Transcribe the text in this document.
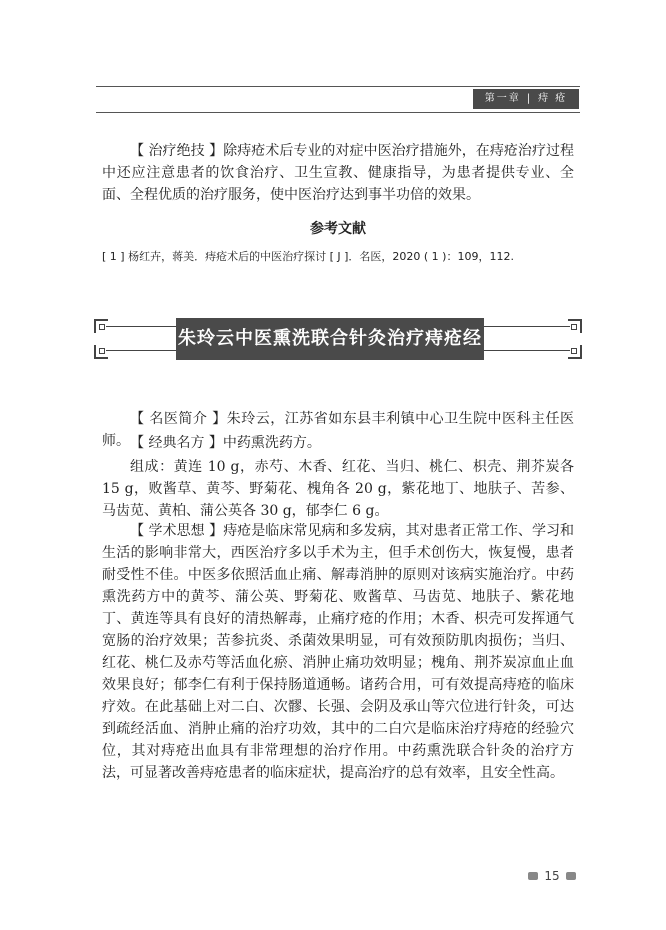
第一章 | 痔 疮

【 治疗绝技 】除痔疮术后专业的对症中医治疗措施外，在痔疮治疗过程中还应注意患者的饮食治疗、卫生宣教、健康指导，为患者提供专业、全面、全程优质的治疗服务，使中医治疗达到事半功倍的效果。

参考文献

[ 1 ] 杨红卉，蒋美．痔疮术后的中医治疗探讨 [ J ]．名医，2020 ( 1 )：109，112.

朱玲云中医熏洗联合针灸治疗痔疮经验

【 名医简介 】朱玲云，江苏省如东县丰利镇中心卫生院中医科主任医师。 【 经典名方 】中药熏洗药方。

组成：黄连 10 g，赤芍、木香、红花、当归、桃仁、枳壳、荆芥炭各 15 g，败酱草、黄芩、野菊花、槐角各 20 g，紫花地丁、地肤子、苦参、马齿苋、黄柏、蒲公英各 30 g，郁李仁 6 g。

【 学术思想 】痔疮是临床常见病和多发病，其对患者正常工作、学习和生活的影响非常大，西医治疗多以手术为主，但手术创伤大，恢复慢，患者耐受性不佳。中医多依照活血止痛、解毒消肿的原则对该病实施治疗。中药熏洗药方中的黄芩、蒲公英、野菊花、败酱草、马齿苋、地肤子、紫花地丁、黄连等具有良好的清热解毒，止痛疗疮的作用；木香、枳壳可发挥通气宽肠的治疗效果；苦参抗炎、杀菌效果明显，可有效预防肌肉损伤；当归、红花、桃仁及赤芍等活血化瘀、消肿止痛功效明显；槐角、荆芥炭凉血止血效果良好；郁李仁有利于保持肠道通畅。诸药合用，可有效提高痔疮的临床疗效。在此基础上对二白、次髎、长强、会阴及承山等穴位进行针灸，可达到疏经活血、消肿止痛的治疗功效，其中的二白穴是临床治疗痔疮的经验穴位，其对痔疮出血具有非常理想的治疗作用。中药熏洗联合针灸的治疗方法，可显著改善痔疮患者的临床症状，提高治疗的总有效率，且安全性高。

15
